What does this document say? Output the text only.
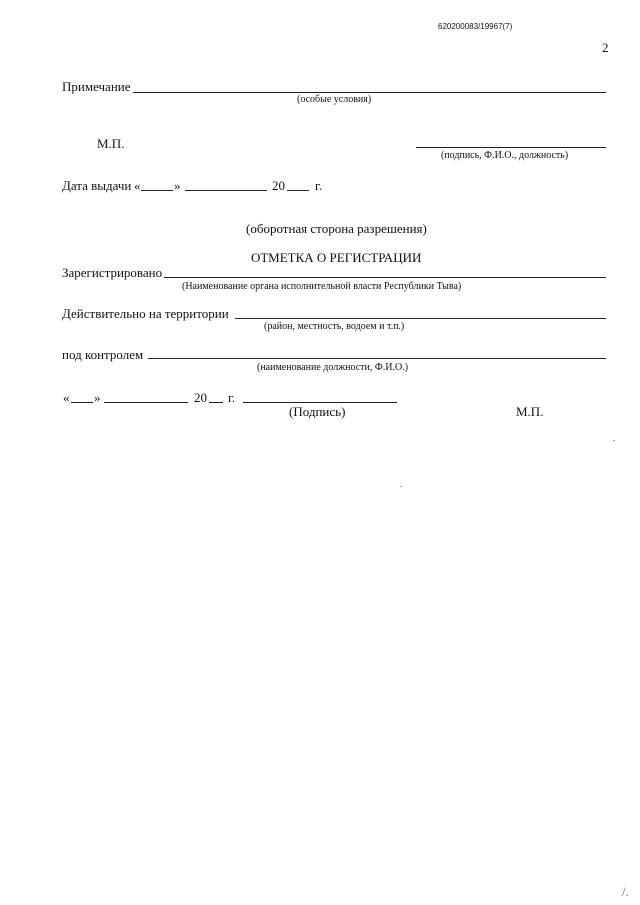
620200083/19967(7)
2
Примечание
(особые условия)
М.П.
(подпись, Ф.И.О., должность)
Дата выдачи «	»	20 г.
(оборотная сторона разрешения)
ОТМЕТКА О РЕГИСТРАЦИИ
Зарегистрировано
(Наименование органа исполнительной власти Республики Тыва)
Действительно на территории
(район, местность, водоем и т.п.)
под контролем
(наименование должности, Ф.И.О.)
« »	20 г.
(Подпись)	М.П.
/.
